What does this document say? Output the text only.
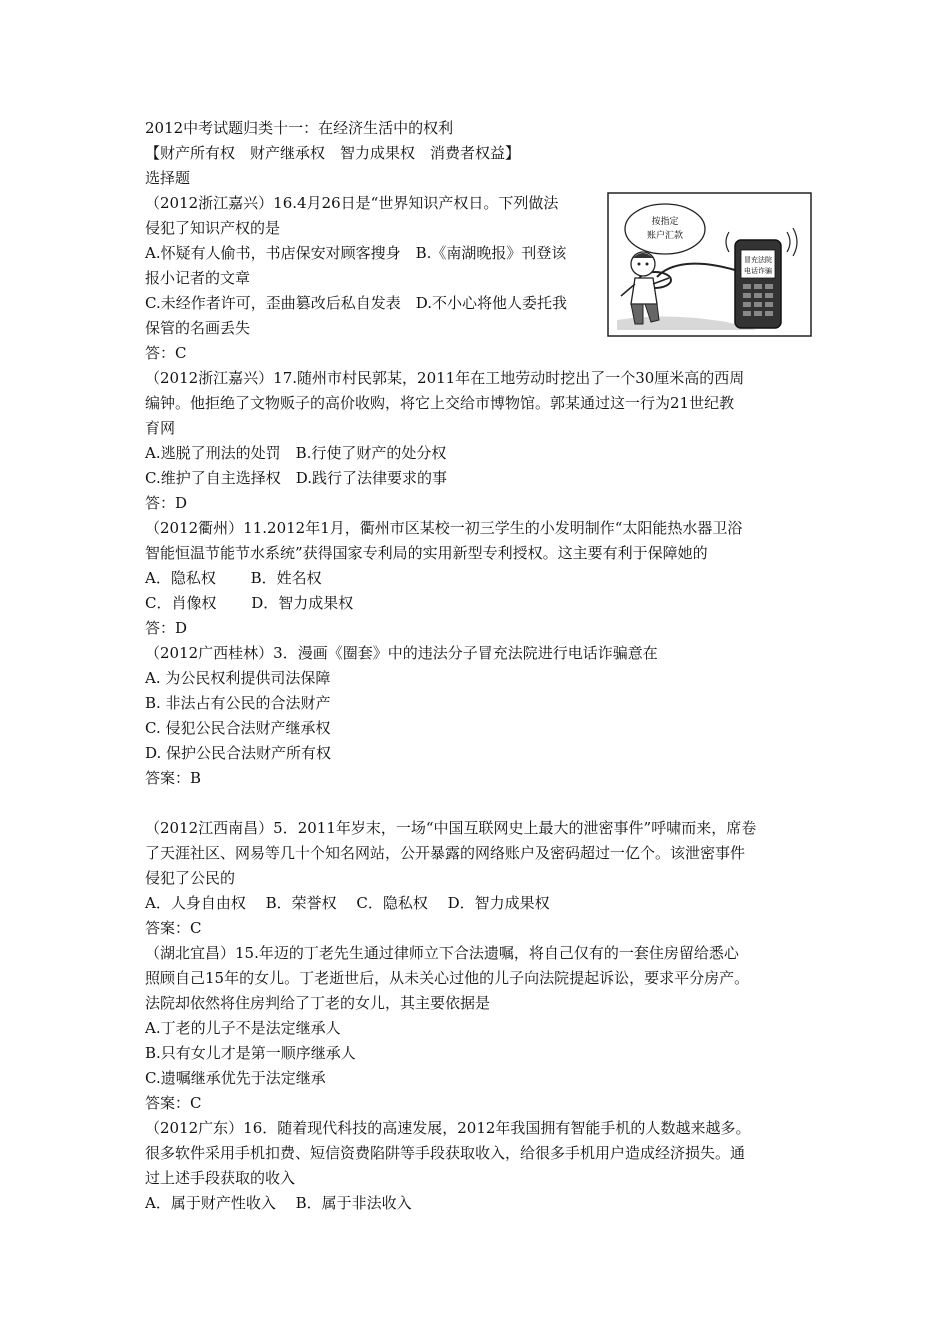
2012中考试题归类十一：在经济生活中的权利
【财产所有权　财产继承权　智力成果权　消费者权益】
选择题
（2012浙江嘉兴）16.4月26日是“世界知识产权日。下列做法
侵犯了知识产权的是
A.怀疑有人偷书，书店保安对顾客搜身　B.《南湖晚报》刊登该
报小记者的文章
C.未经作者许可，歪曲篡改后私自发表　D.不小心将他人委托我
保管的名画丢失
答：C
（2012浙江嘉兴）17.随州市村民郭某，2011年在工地劳动时挖出了一个30厘米高的西周
编钟。他拒绝了文物贩子的高价收购，将它上交给市博物馆。郭某通过这一行为21世纪教
育网
A.逃脱了刑法的处罚　B.行使了财产的处分权
C.维护了自主选择权　D.践行了法律要求的事
答：D
（2012衢州）11.2012年1月，衢州市区某校一初三学生的小发明制作“太阳能热水器卫浴
智能恒温节能节水系统”获得国家专利局的实用新型专利授权。这主要有利于保障她的
A．隐私权　　 B．姓名权
C．肖像权　　 D．智力成果权
答：D
（2012广西桂林）3．漫画《圈套》中的违法分子冒充法院进行电话诈骗意在
A. 为公民权利提供司法保障
B. 非法占有公民的合法财产
C. 侵犯公民合法财产继承权
D. 保护公民合法财产所有权
答案：B
（2012江西南昌）5．2011年岁末，一场“中国互联网史上最大的泄密事件”呼啸而来，席卷
了天涯社区、网易等几十个知名网站，公开暴露的网络账户及密码超过一亿个。该泄密事件
侵犯了公民的
A．人身自由权　 B．荣誉权　 C．隐私权　 D．智力成果权
答案：C
（湖北宜昌）15.年迈的丁老先生通过律师立下合法遗嘱，将自己仅有的一套住房留给悉心
照顾自己15年的女儿。丁老逝世后，从未关心过他的儿子向法院提起诉讼，要求平分房产。
法院却依然将住房判给了丁老的女儿，其主要依据是
A.丁老的儿子不是法定继承人
B.只有女儿才是第一顺序继承人
C.遗嘱继承优先于法定继承
答案：C
（2012广东）16．随着现代科技的高速发展，2012年我国拥有智能手机的人数越来越多。
很多软件采用手机扣费、短信资费陷阱等手段获取收入，给很多手机用户造成经济损失。通
过上述手段获取的收入
A．属于财产性收入　 B．属于非法收入
按指定
账户汇款
冒充法院
电话诈骗
